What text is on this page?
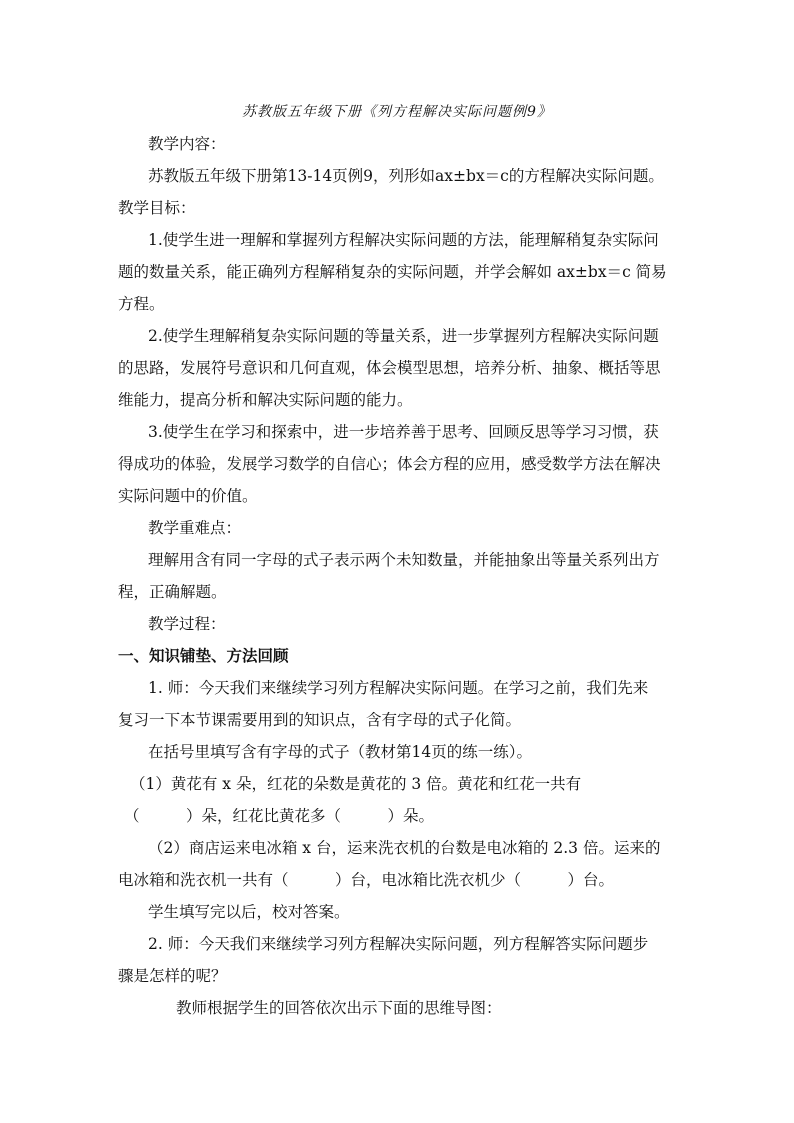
苏教版五年级下册《列方程解决实际问题例9》
教学内容：
苏教版五年级下册第13-14页例9，列形如ax±bx＝c的方程解决实际问题。
教学目标：
1.使学生进一理解和掌握列方程解决实际问题的方法，能理解稍复杂实际问
题的数量关系，能正确列方程解稍复杂的实际问题，并学会解如 ax±bx＝c 简易
方程。
2.使学生理解稍复杂实际问题的等量关系，进一步掌握列方程解决实际问题
的思路，发展符号意识和几何直观，体会模型思想，培养分析、抽象、概括等思
维能力，提高分析和解决实际问题的能力。
3.使学生在学习和探索中，进一步培养善于思考、回顾反思等学习习惯，获
得成功的体验，发展学习数学的自信心；体会方程的应用，感受数学方法在解决
实际问题中的价值。
教学重难点：
理解用含有同一字母的式子表示两个未知数量，并能抽象出等量关系列出方
程，正确解题。
教学过程：
一、知识铺垫、方法回顾
1. 师：今天我们来继续学习列方程解决实际问题。在学习之前，我们先来
复习一下本节课需要用到的知识点，含有字母的式子化简。
在括号里填写含有字母的式子（教材第14页的练一练）。
（1）黄花有 x 朵，红花的朵数是黄花的 3 倍。黄花和红花一共有
（　　　）朵，红花比黄花多（　　　）朵。
（2）商店运来电冰箱 x 台，运来洗衣机的台数是电冰箱的 2.3 倍。运来的
电冰箱和洗衣机一共有（　　　）台，电冰箱比洗衣机少（　　　）台。
学生填写完以后，校对答案。
2. 师：今天我们来继续学习列方程解决实际问题，列方程解答实际问题步
骤是怎样的呢？
教师根据学生的回答依次出示下面的思维导图：
